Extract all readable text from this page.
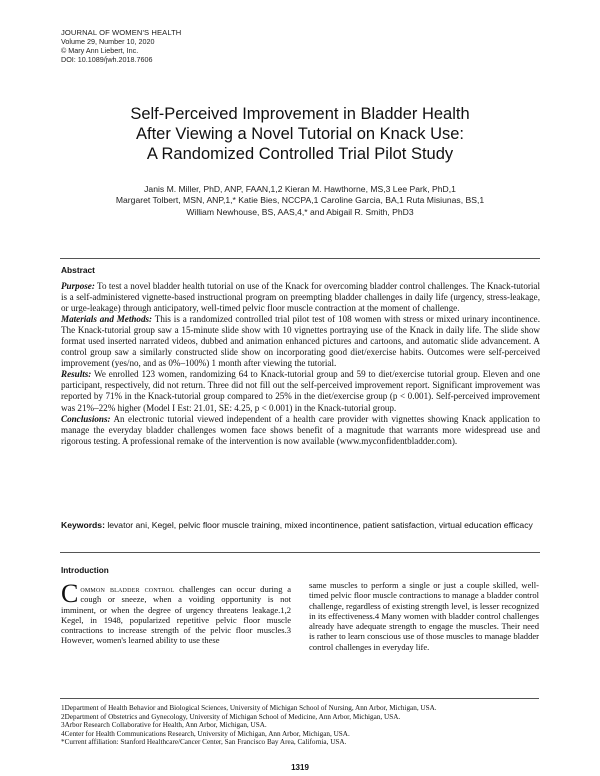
JOURNAL OF WOMEN'S HEALTH
Volume 29, Number 10, 2020
© Mary Ann Liebert, Inc.
DOI: 10.1089/jwh.2018.7606
Self-Perceived Improvement in Bladder Health
After Viewing a Novel Tutorial on Knack Use:
A Randomized Controlled Trial Pilot Study
Janis M. Miller, PhD, ANP, FAAN,1,2 Kieran M. Hawthorne, MS,3 Lee Park, PhD,1
Margaret Tolbert, MSN, ANP,1,* Katie Bies, NCCPA,1 Caroline Garcia, BA,1 Ruta Misiunas, BS,1
William Newhouse, BS, AAS,4,* and Abigail R. Smith, PhD3
Abstract

Purpose: To test a novel bladder health tutorial on use of the Knack for overcoming bladder control challenges. The Knack-tutorial is a self-administered vignette-based instructional program on preempting bladder challenges in daily life (urgency, stress-leakage, or urge-leakage) through anticipatory, well-timed pelvic floor muscle contraction at the moment of challenge.

Materials and Methods: This is a randomized controlled trial pilot test of 108 women with stress or mixed urinary incontinence. The Knack-tutorial group saw a 15-minute slide show with 10 vignettes portraying use of the Knack in daily life. The slide show format used inserted narrated videos, dubbed and animation enhanced pictures and cartoons, and automatic slide advancement. A control group saw a similarly constructed slide show on incorporating good diet/exercise habits. Outcomes were self-perceived improvement (yes/no, and as 0%–100%) 1 month after viewing the tutorial.

Results: We enrolled 123 women, randomizing 64 to Knack-tutorial group and 59 to diet/exercise tutorial group. Eleven and one participant, respectively, did not return. Three did not fill out the self-perceived improvement report. Significant improvement was reported by 71% in the Knack-tutorial group compared to 25% in the diet/exercise group (p < 0.001). Self-perceived improvement was 21%–22% higher (Model I Est: 21.01, SE: 4.25, p < 0.001) in the Knack-tutorial group.

Conclusions: An electronic tutorial viewed independent of a health care provider with vignettes showing Knack application to manage the everyday bladder challenges women face shows benefit of a magnitude that warrants more widespread use and rigorous testing. A professional remake of the intervention is now available (www.myconfidentbladder.com).

Keywords: levator ani, Kegel, pelvic floor muscle training, mixed incontinence, patient satisfaction, virtual education efficacy
Introduction

Common bladder control challenges can occur during a cough or sneeze, when a voiding opportunity is not imminent, or when the degree of urgency threatens leakage.1,2 Kegel, in 1948, popularized repetitive pelvic floor muscle contractions to increase strength of the pelvic floor muscles.3 However, women's learned ability to use these

same muscles to perform a single or just a couple skilled, well-timed pelvic floor muscle contractions to manage a bladder control challenge, regardless of existing strength level, is lesser recognized in its effectiveness.4 Many women with bladder control challenges already have adequate strength to engage the muscles. Their need is rather to learn conscious use of those muscles to manage bladder control challenges in everyday life.

1Department of Health Behavior and Biological Sciences, University of Michigan School of Nursing, Ann Arbor, Michigan, USA.
2Department of Obstetrics and Gynecology, University of Michigan School of Medicine, Ann Arbor, Michigan, USA.
3Arbor Research Collaborative for Health, Ann Arbor, Michigan, USA.
4Center for Health Communications Research, University of Michigan, Ann Arbor, Michigan, USA.
*Current affiliation: Stanford Healthcare/Cancer Center, San Francisco Bay Area, California, USA.
1319
